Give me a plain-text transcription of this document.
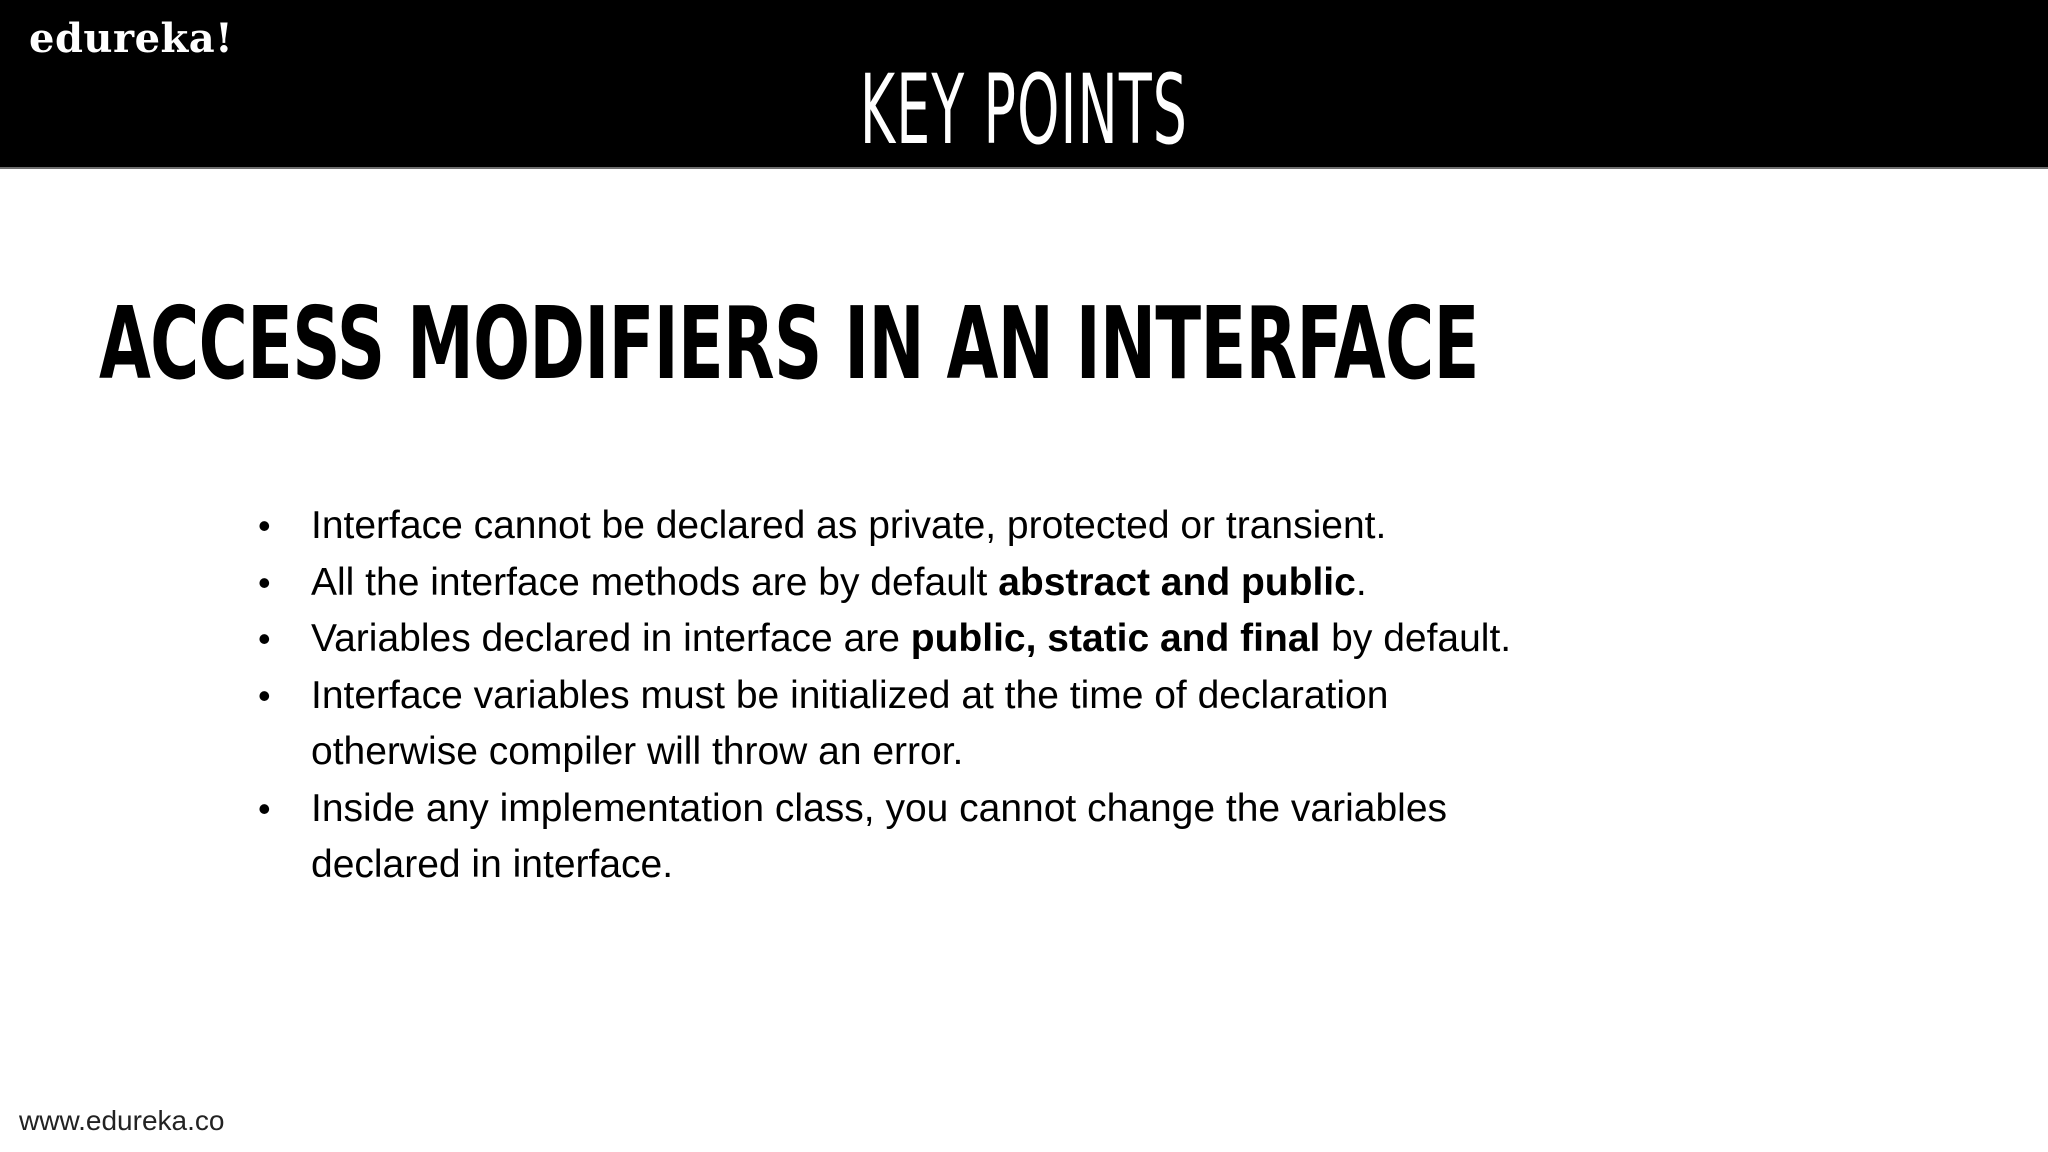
edureka!
KEY POINTS
ACCESS MODIFIERS IN AN INTERFACE
• Interface cannot be declared as private, protected or transient.
• All the interface methods are by default abstract and public.
• Variables declared in interface are public, static and final by default.
• Interface variables must be initialized at the time of declaration otherwise compiler will throw an error.
• Inside any implementation class, you cannot change the variables declared in interface.
www.edureka.co
